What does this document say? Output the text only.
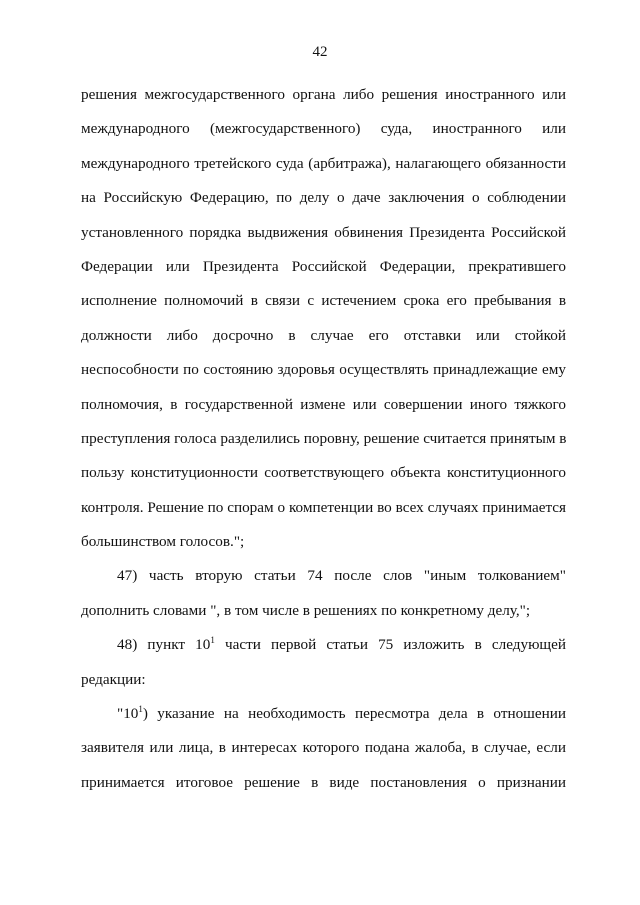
42
решения межгосударственного органа либо решения иностранного или
международного (межгосударственного) суда, иностранного или
международного третейского суда (арбитража), налагающего обязанности
на Российскую Федерацию, по делу о даче заключения о соблюдении
установленного порядка выдвижения обвинения Президента Российской
Федерации или Президента Российской Федерации, прекратившего
исполнение полномочий в связи с истечением срока его пребывания в
должности либо досрочно в случае его отставки или стойкой
неспособности по состоянию здоровья осуществлять принадлежащие ему
полномочия, в государственной измене или совершении иного тяжкого
преступления голоса разделились поровну, решение считается принятым в
пользу конституционности соответствующего объекта конституционного
контроля. Решение по спорам о компетенции во всех случаях принимается
большинством голосов.";
47) часть вторую статьи 74 после слов "иным толкованием"
дополнить словами ", в том числе в решениях по конкретному делу,";
48) пункт $10^1$ части первой статьи 75 изложить в следующей
редакции:
"$10^1$) указание на необходимость пересмотра дела в отношении
заявителя или лица, в интересах которого подана жалоба, в случае, если
принимается итоговое решение в виде постановления о признании
